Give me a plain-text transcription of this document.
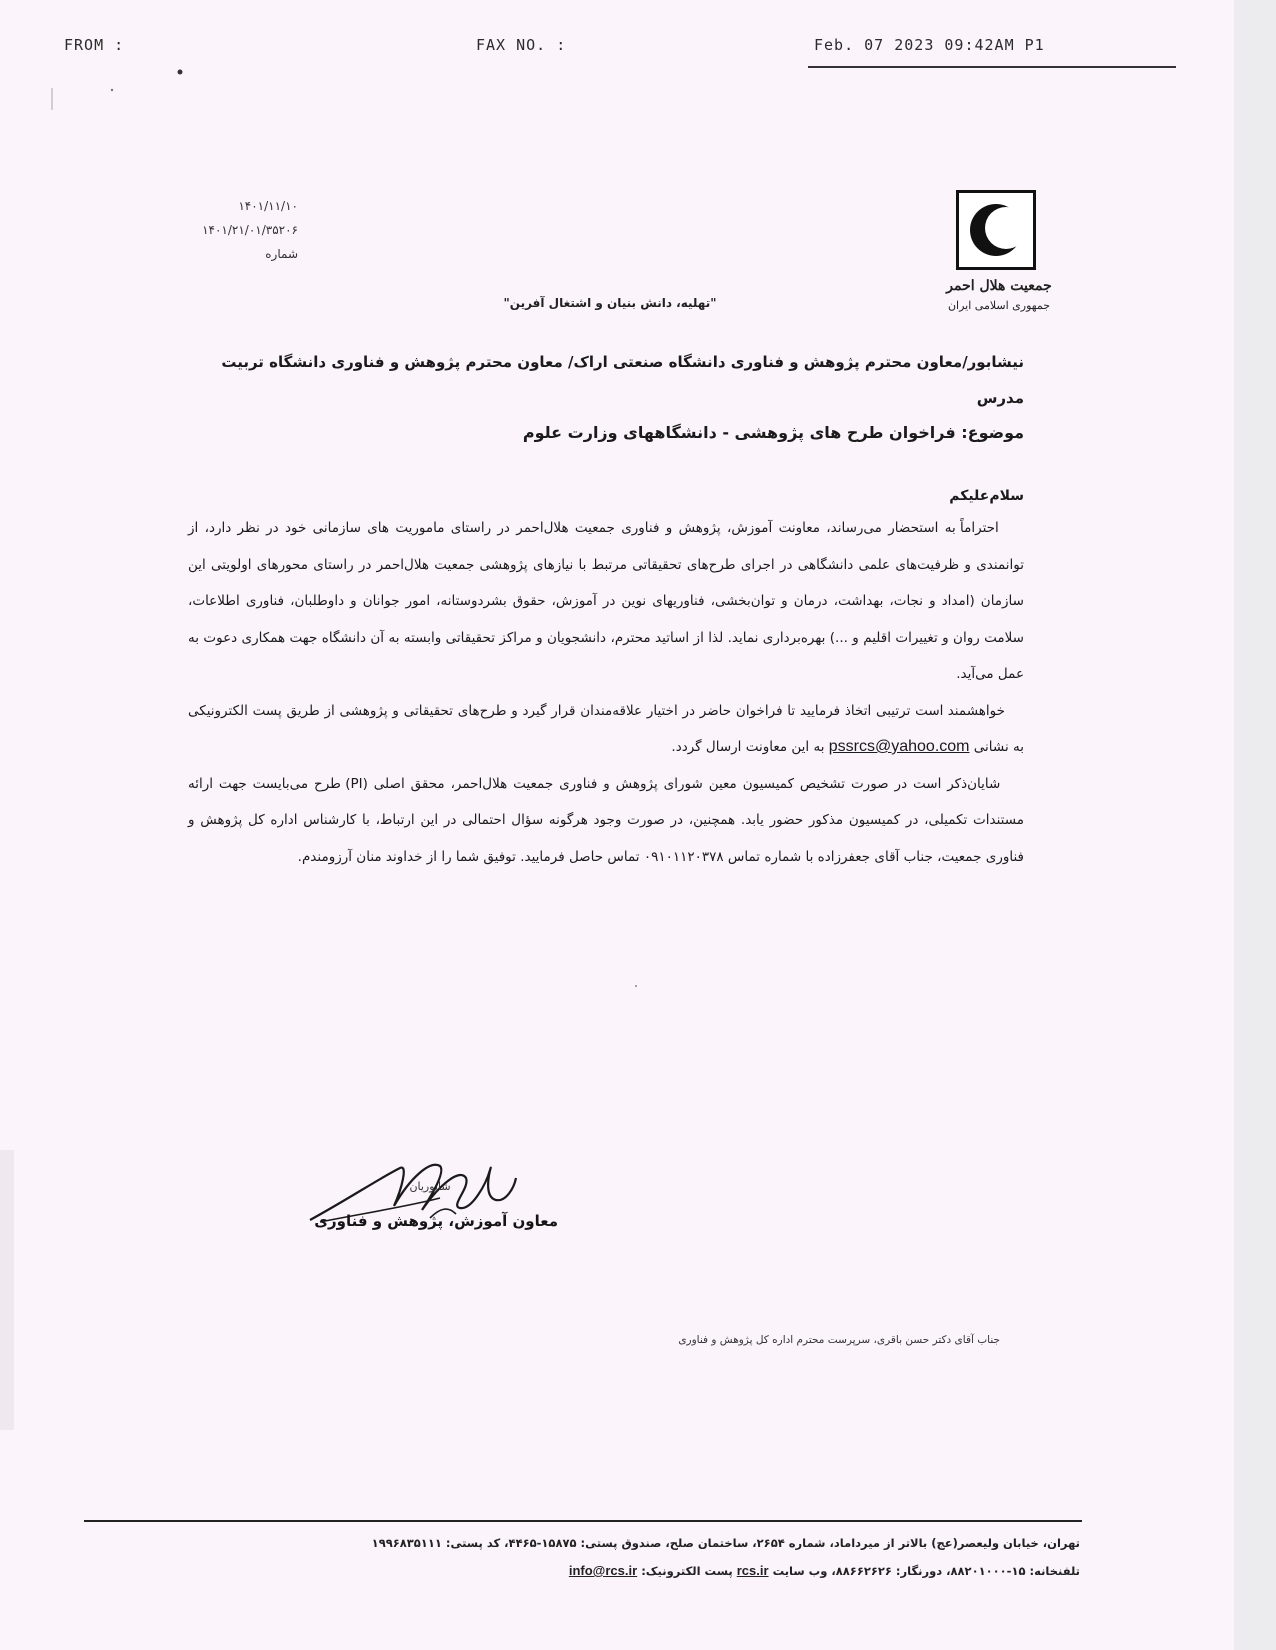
FROM :	FAX NO. :	Feb. 07 2023 09:42AM P1
۱۴۰۱/۱۱/۱۰
۱۴۰۱/۲۱/۰۱/۳۵۲۰۶
شماره
جمعیت هلال احمر
جمهوری اسلامی ایران
"تهلیه، دانش بنیان و اشتغال آفرین"
نیشابور/معاون محترم پژوهش و فناوری دانشگاه صنعتی اراک/ معاون محترم پژوهش و فناوری دانشگاه تربیت مدرس
موضوع: فراخوان طرح های پژوهشی - دانشگاههای وزارت علوم
سلام‌علیکم

احتراماً به استحضار می‌رساند، معاونت آموزش، پژوهش و فناوری جمعیت هلال‌احمر در راستای ماموریت های سازمانی خود در نظر دارد، از توانمندی و ظرفیت‌های علمی دانشگاهی در اجرای طرح‌های تحقیقاتی مرتبط با نیازهای پژوهشی جمعیت هلال‌احمر در راستای محورهای اولویتی این سازمان (امداد و نجات، بهداشت، درمان و توان‌بخشی، فناوریهای نوین در آموزش، حقوق بشردوستانه، امور جوانان و داوطلبان، فناوری اطلاعات، سلامت روان و تغییرات اقلیم و ...) بهره‌برداری نماید. لذا از اساتید محترم، دانشجویان و مراکز تحقیقاتی وابسته به آن دانشگاه جهت همکاری دعوت به عمل می‌آید.

خواهشمند است ترتیبی اتخاذ فرمایید تا فراخوان حاضر در اختیار علاقه‌مندان قرار گیرد و طرح‌های تحقیقاتی و پژوهشی از طریق پست الکترونیکی به نشانی pssrcs@yahoo.com به این معاونت ارسال گردد.

شایان‌ذکر است در صورت تشخیص کمیسیون معین شورای پژوهش و فناوری جمعیت هلال‌احمر، محقق اصلی (PI) طرح می‌بایست جهت ارائه مستندات تکمیلی، در کمیسیون مذکور حضور یابد. همچنین، در صورت وجود هرگونه سؤال احتمالی در این ارتباط، با کارشناس اداره کل پژوهش و فناوری جمعیت، جناب آقای جعفرزاده با شماره تماس ۰۹۱۰۱۱۲۰۳۷۸ تماس حاصل فرمایید. توفیق شما را از خداوند منان آرزومندم.

شاپوریان
معاون آموزش، پژوهش و فناوری
جناب آقای دکتر حسن باقری، سرپرست محترم اداره کل پژوهش و فناوری
تهران، خیابان ولیعصر(عج) بالاتر از میرداماد، شماره ۲۶۵۴، ساختمان صلح، صندوق پستی: ۱۵۸۷۵-۴۴۶۵، کد پستی: ۱۹۹۶۸۳۵۱۱۱
تلفنخانه: ۱۵-۸۸۲۰۱۰۰۰، دورنگار: ۸۸۶۶۲۶۲۶، وب سایت rcs.ir پست الکترونیک: info@rcs.ir
